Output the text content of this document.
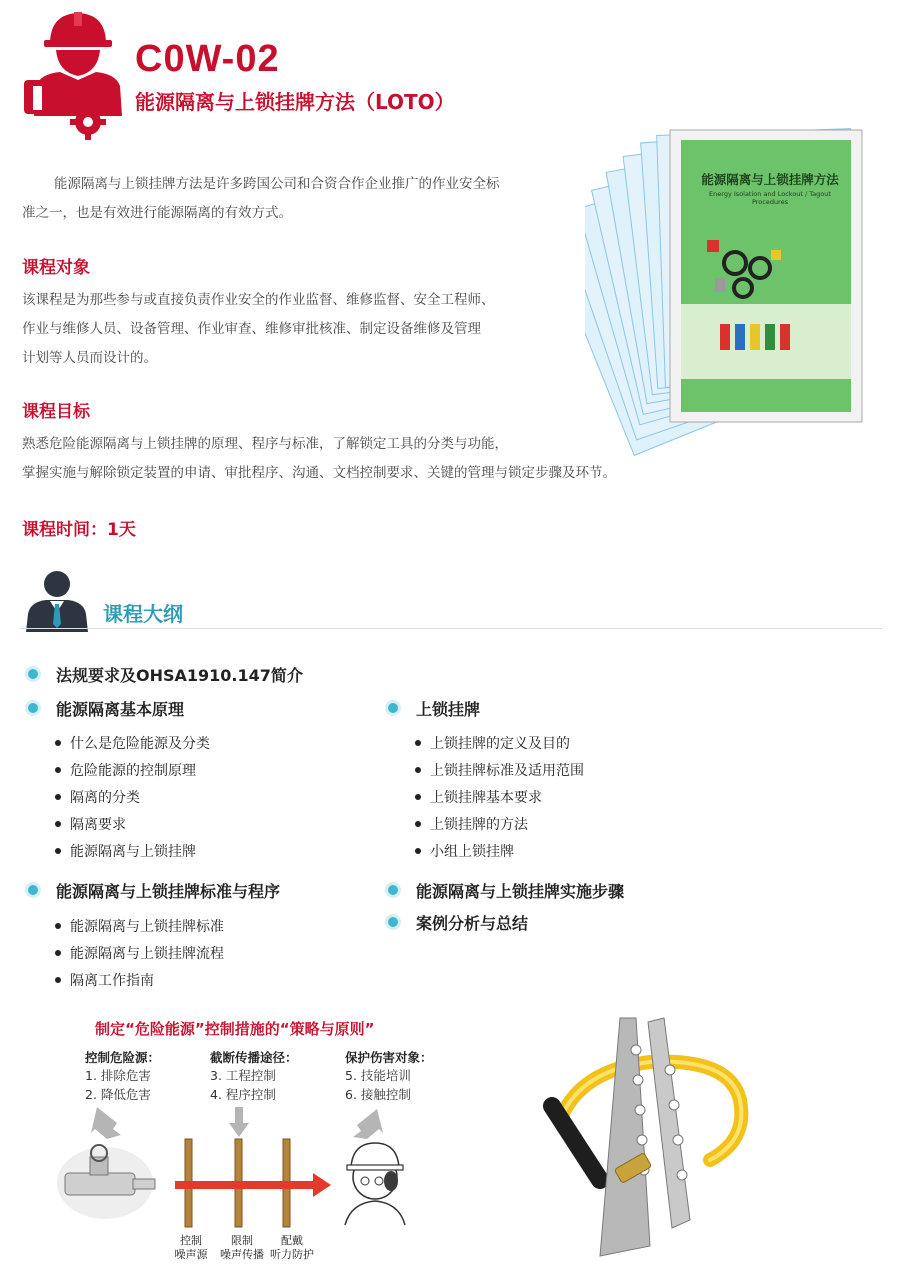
C0W-02
能源隔离与上锁挂牌方法（LOTO）
能源隔离与上锁挂牌方法是许多跨国公司和合资合作企业推广的作业安全标
准之一，也是有效进行能源隔离的有效方式。
能源隔离与上锁挂牌方法
Energy Isolation and Lockout / Tagout Procedures
课程对象
该课程是为那些参与或直接负责作业安全的作业监督、维修监督、安全工程师、
作业与维修人员、设备管理、作业审查、维修审批核准、制定设备维修及管理
计划等人员而设计的。
课程目标
熟悉危险能源隔离与上锁挂牌的原理、程序与标准，了解锁定工具的分类与功能，
掌握实施与解除锁定装置的申请、审批程序、沟通、文档控制要求、关键的管理与锁定步骤及环节。
课程时间：1天
课程大纲
法规要求及OHSA1910.147简介
能源隔离基本原理
什么是危险能源及分类
危险能源的控制原理
隔离的分类
隔离要求
能源隔离与上锁挂牌
能源隔离与上锁挂牌标准与程序
能源隔离与上锁挂牌标准
能源隔离与上锁挂牌流程
隔离工作指南
上锁挂牌
上锁挂牌的定义及目的
上锁挂牌标准及适用范围
上锁挂牌基本要求
上锁挂牌的方法
小组上锁挂牌
能源隔离与上锁挂牌实施步骤
案例分析与总结
制定“危险能源”控制措施的“策略与原则”
控制危险源：
1. 排除危害
2. 降低危害
截断传播途径：
3. 工程控制
4. 程序控制
保护伤害对象：
5. 技能培训
6. 接触控制
控制
噪声源
限制
噪声传播
配戴
听力防护
